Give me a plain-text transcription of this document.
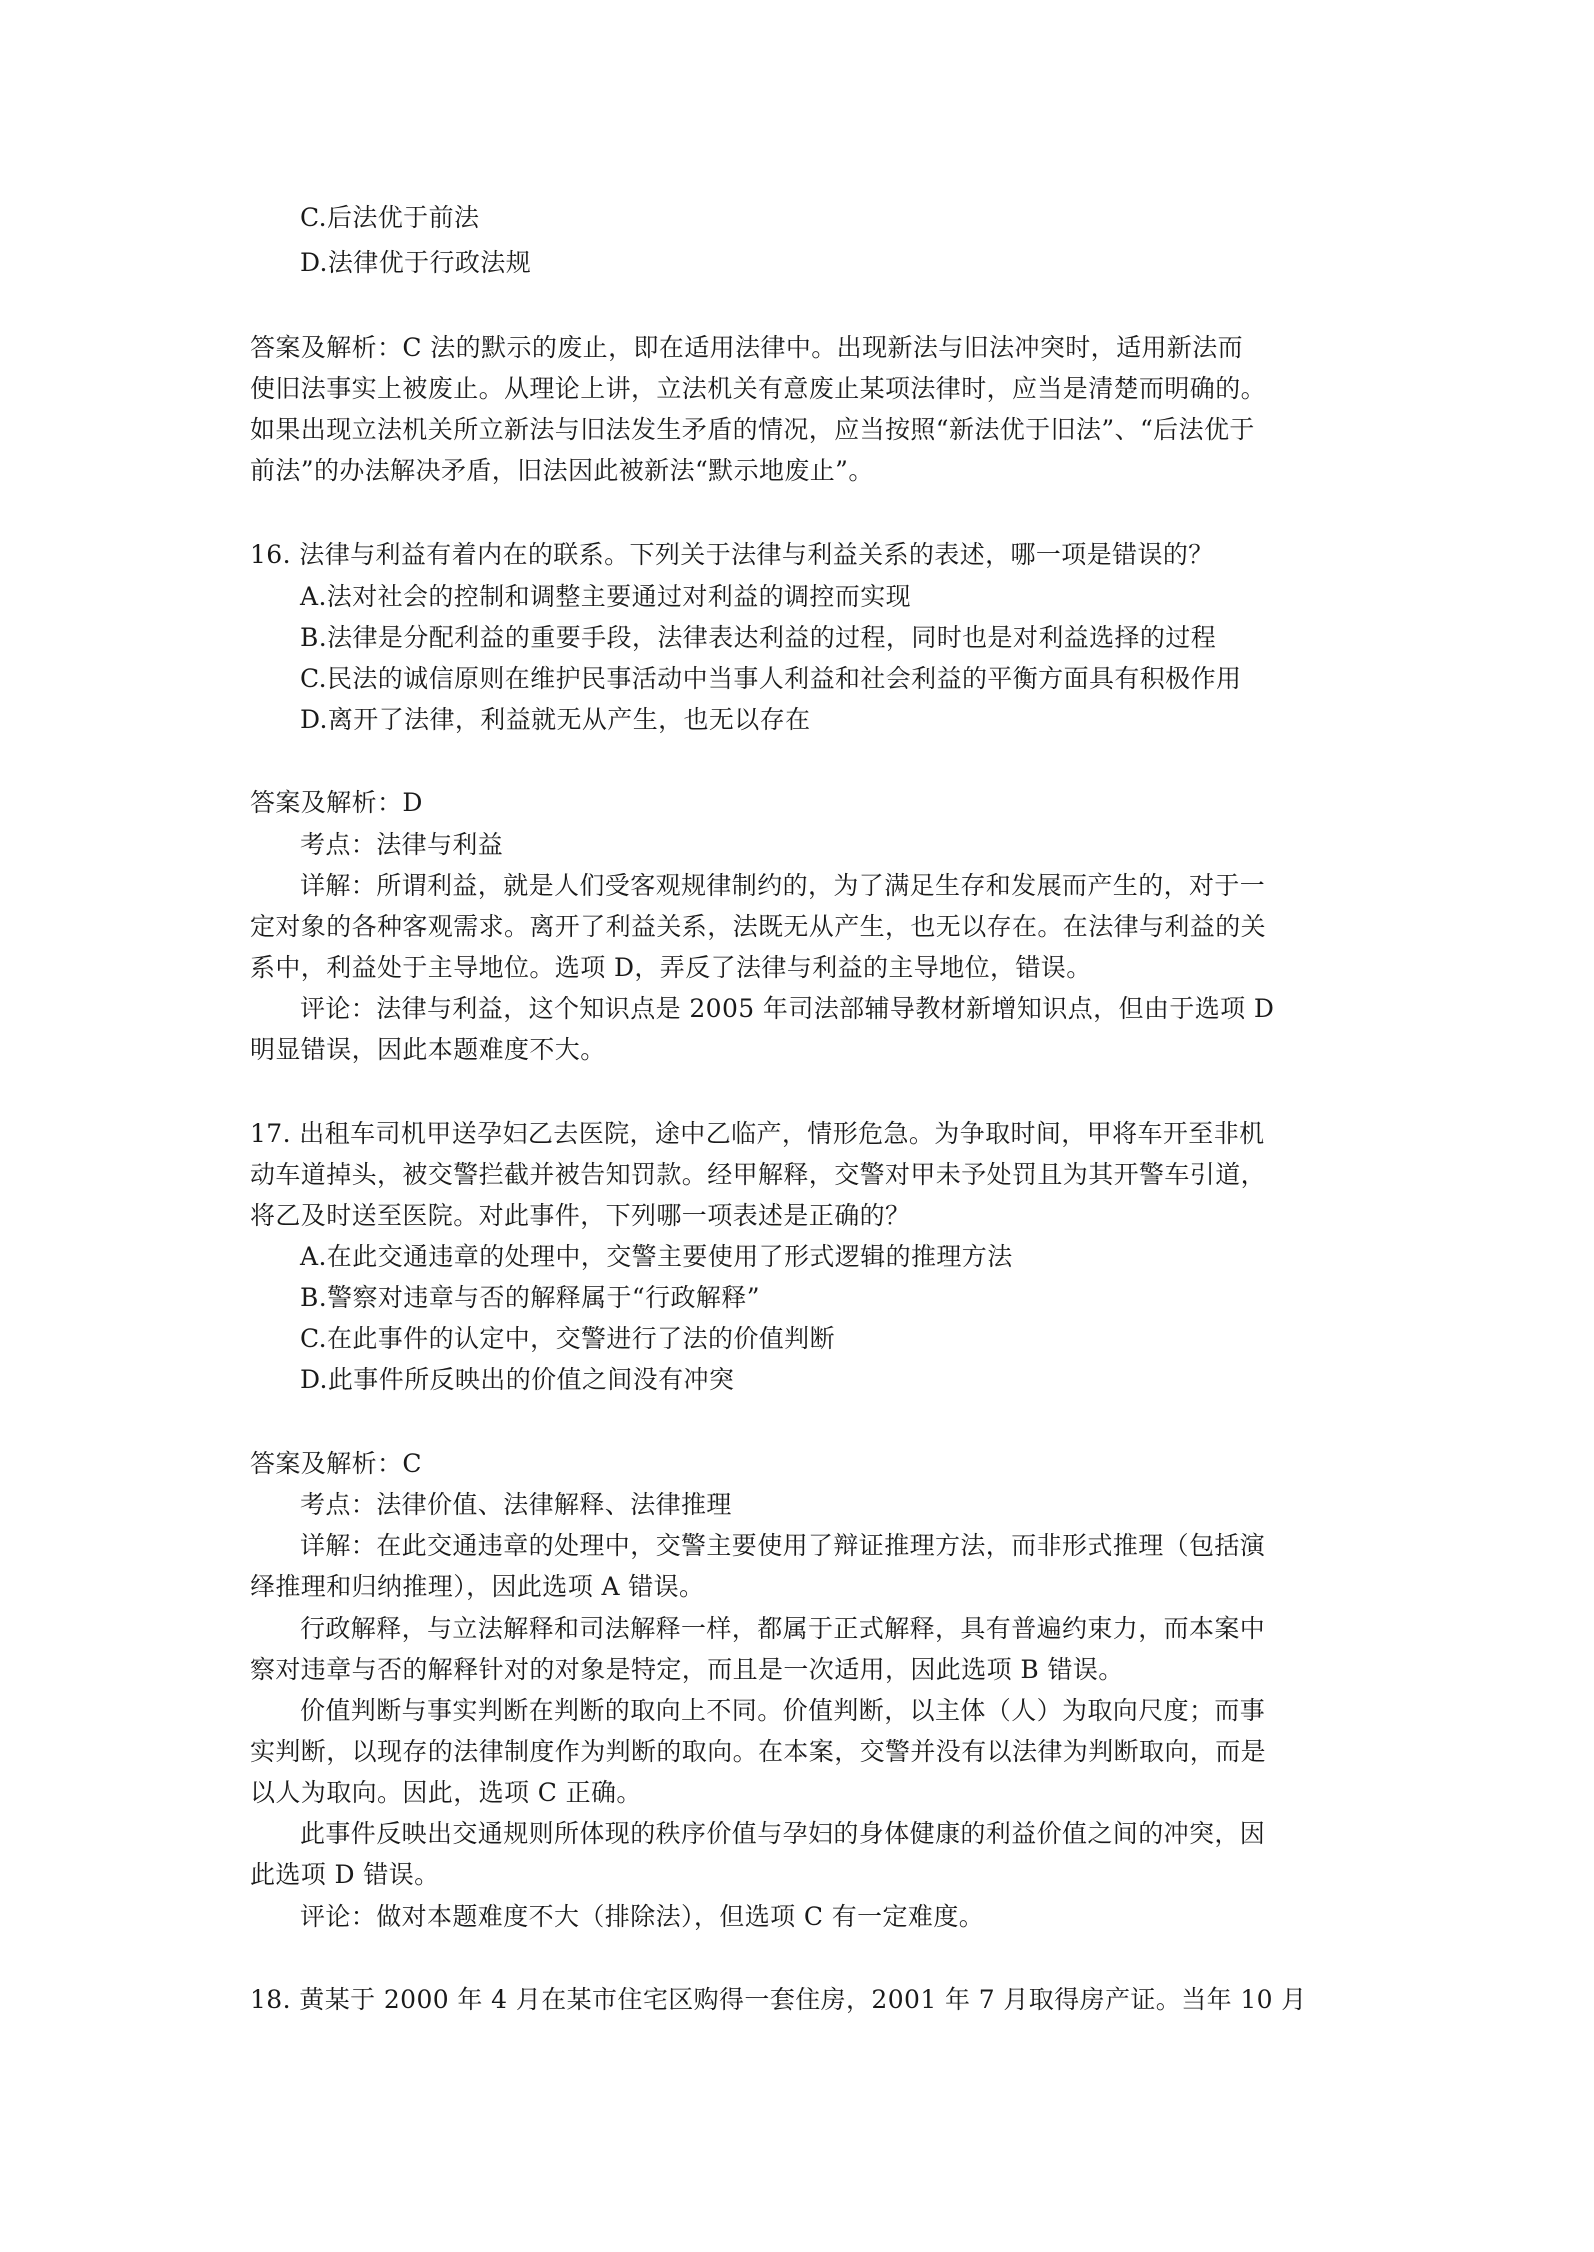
C.后法优于前法
D.法律优于行政法规
答案及解析：C 法的默示的废止，即在适用法律中。出现新法与旧法冲突时，适用新法而
使旧法事实上被废止。从理论上讲，立法机关有意废止某项法律时，应当是清楚而明确的。
如果出现立法机关所立新法与旧法发生矛盾的情况，应当按照“新法优于旧法”、“后法优于
前法”的办法解决矛盾，旧法因此被新法“默示地废止”。
16. 法律与利益有着内在的联系。下列关于法律与利益关系的表述，哪一项是错误的？
A.法对社会的控制和调整主要通过对利益的调控而实现
B.法律是分配利益的重要手段，法律表达利益的过程，同时也是对利益选择的过程
C.民法的诚信原则在维护民事活动中当事人利益和社会利益的平衡方面具有积极作用
D.离开了法律，利益就无从产生，也无以存在
答案及解析：D
考点：法律与利益
详解：所谓利益，就是人们受客观规律制约的，为了满足生存和发展而产生的，对于一
定对象的各种客观需求。离开了利益关系，法既无从产生，也无以存在。在法律与利益的关
系中，利益处于主导地位。选项 D，弄反了法律与利益的主导地位，错误。
评论：法律与利益，这个知识点是 2005 年司法部辅导教材新增知识点，但由于选项 D
明显错误，因此本题难度不大。
17. 出租车司机甲送孕妇乙去医院，途中乙临产，情形危急。为争取时间，甲将车开至非机
动车道掉头，被交警拦截并被告知罚款。经甲解释，交警对甲未予处罚且为其开警车引道，
将乙及时送至医院。对此事件，下列哪一项表述是正确的？
A.在此交通违章的处理中，交警主要使用了形式逻辑的推理方法
B.警察对违章与否的解释属于“行政解释”
C.在此事件的认定中，交警进行了法的价值判断
D.此事件所反映出的价值之间没有冲突
答案及解析：C
考点：法律价值、法律解释、法律推理
详解：在此交通违章的处理中，交警主要使用了辩证推理方法，而非形式推理（包括演
绎推理和归纳推理），因此选项 A 错误。
行政解释，与立法解释和司法解释一样，都属于正式解释，具有普遍约束力，而本案中
察对违章与否的解释针对的对象是特定，而且是一次适用，因此选项 B 错误。
价值判断与事实判断在判断的取向上不同。价值判断，以主体（人）为取向尺度；而事
实判断，以现存的法律制度作为判断的取向。在本案，交警并没有以法律为判断取向，而是
以人为取向。因此，选项 C 正确。
此事件反映出交通规则所体现的秩序价值与孕妇的身体健康的利益价值之间的冲突，因
此选项 D 错误。
评论：做对本题难度不大（排除法），但选项 C 有一定难度。
18. 黄某于 2000 年 4 月在某市住宅区购得一套住房，2001 年 7 月取得房产证。当年 10 月
